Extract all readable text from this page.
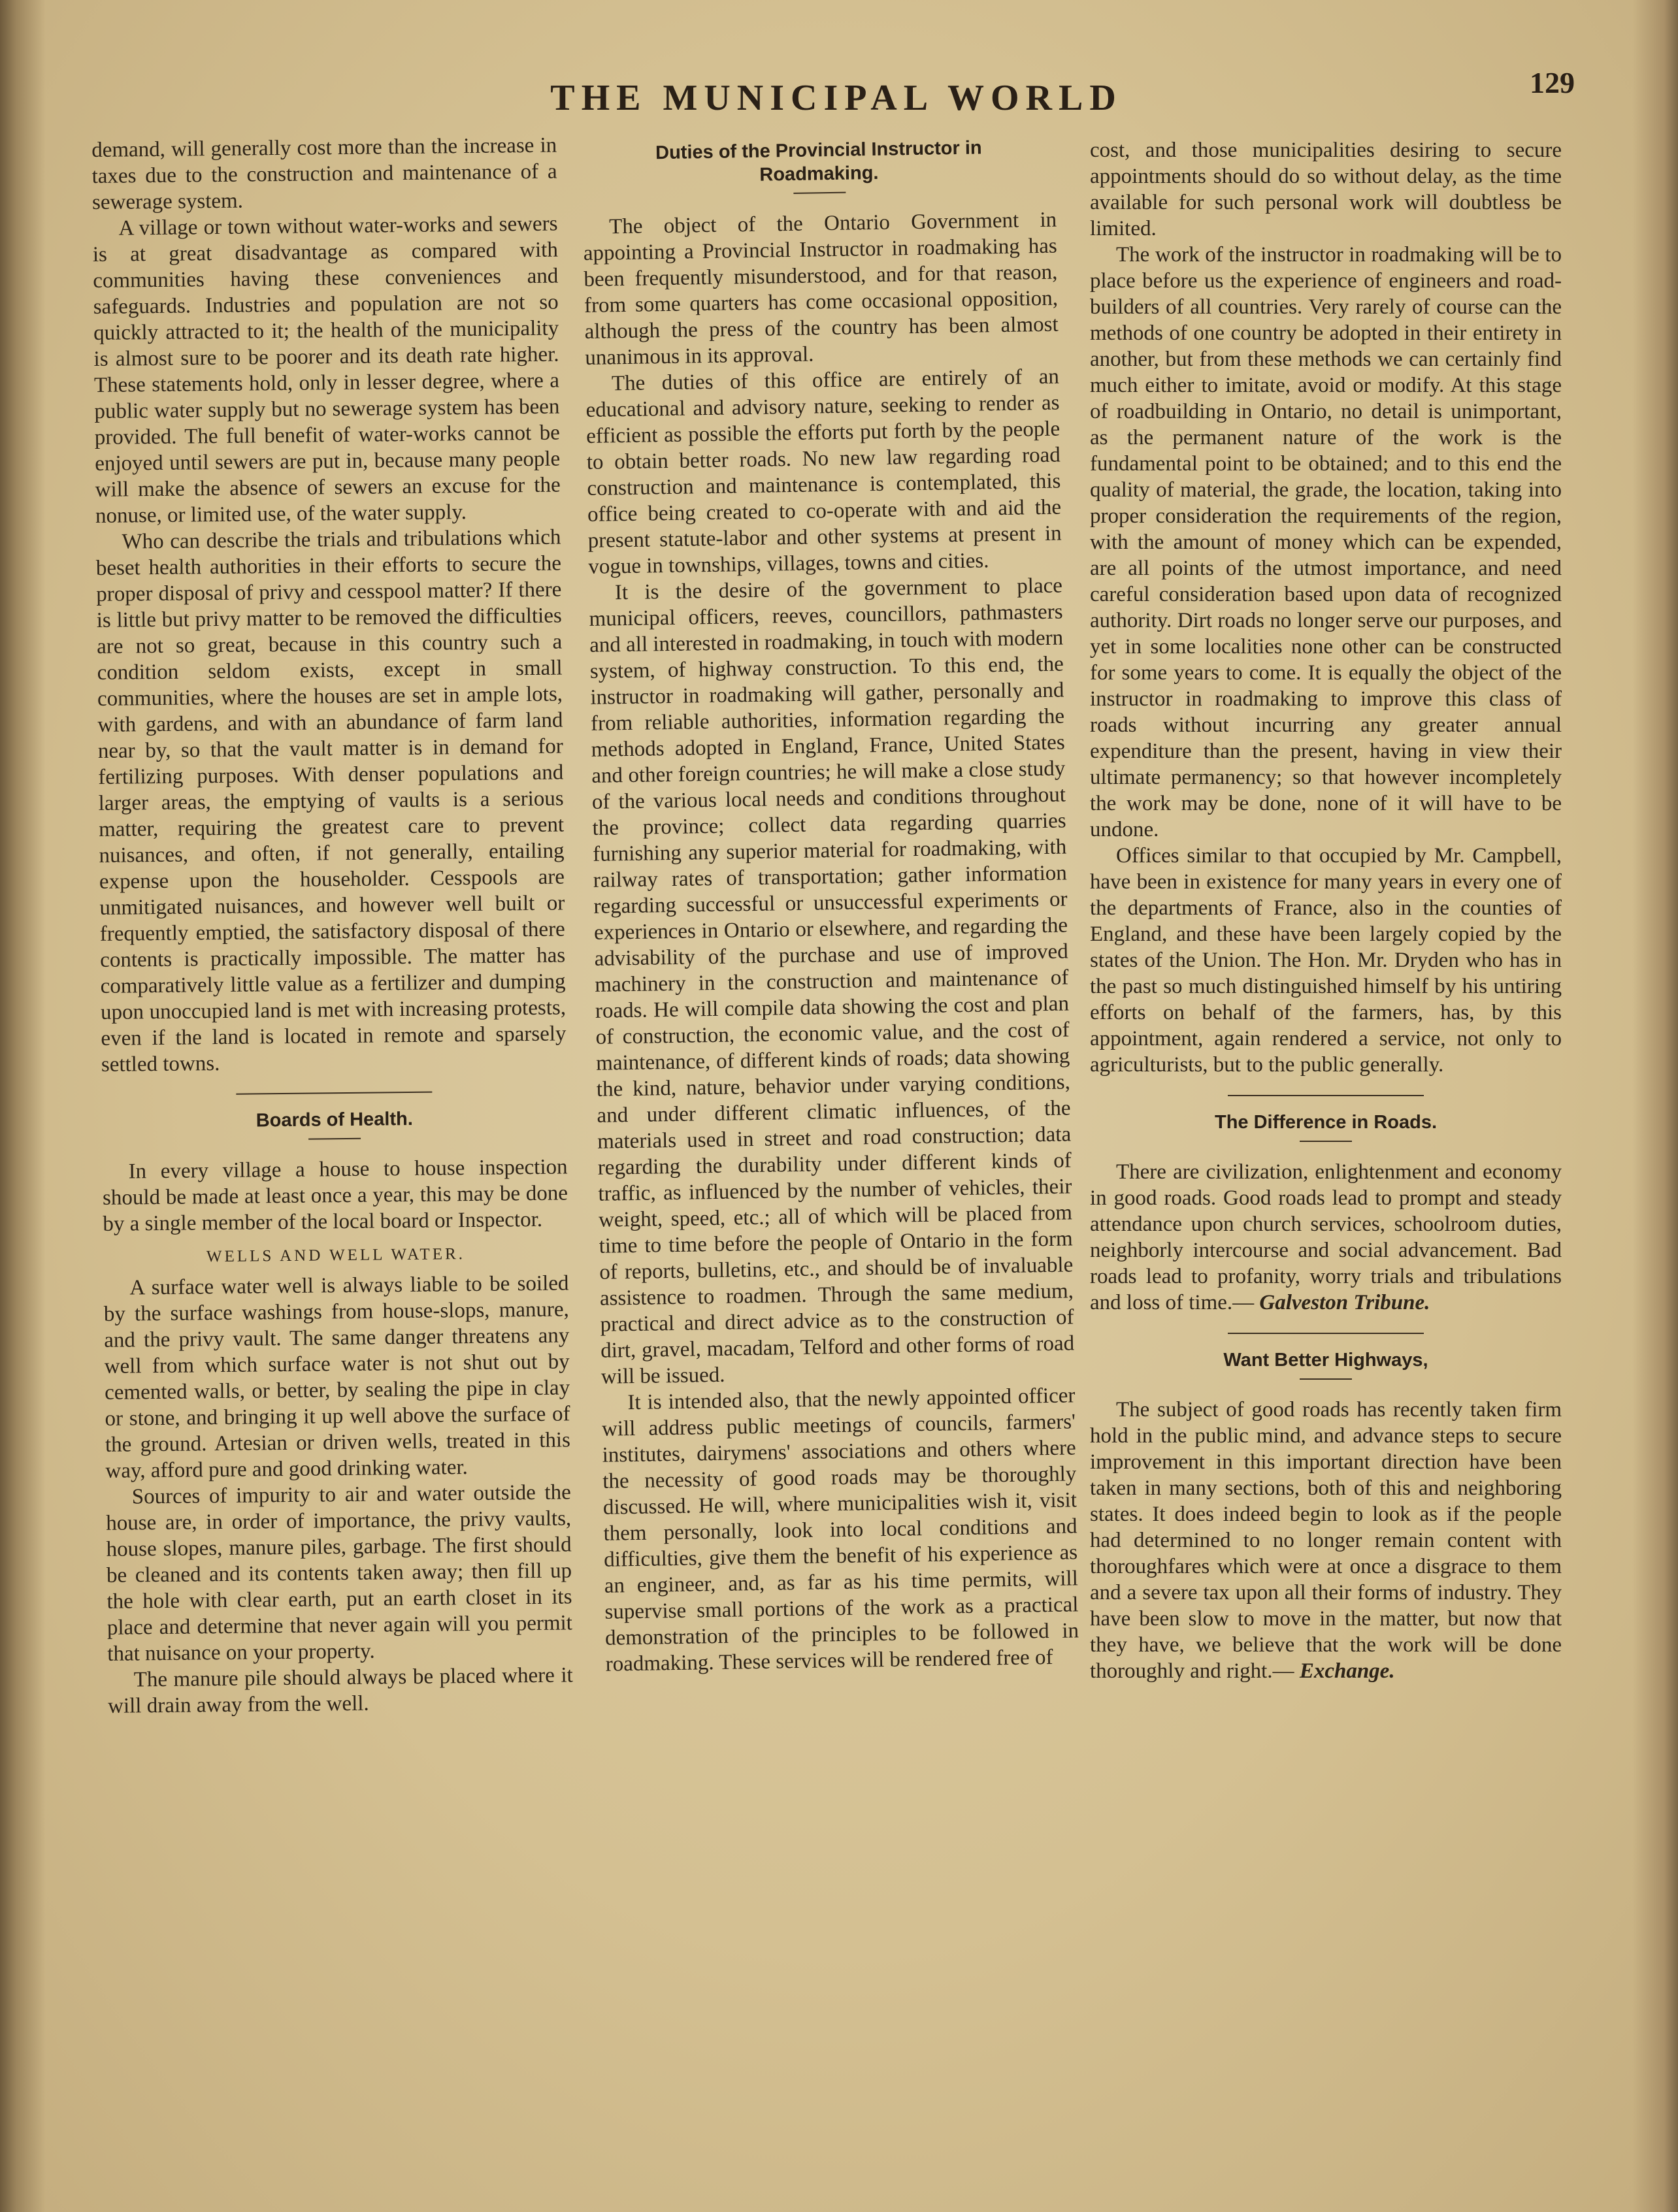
THE MUNICIPAL WORLD	129

demand, will generally cost more than the increase in taxes due to the construction and maintenance of a sewerage system.

A village or town without water-works and sewers is at great disadvantage as compared with communities having these conveniences and safeguards. Industries and population are not so quickly attracted to it; the health of the municipality is almost sure to be poorer and its death rate higher. These statements hold, only in lesser degree, where a public water supply but no sewerage system has been provided. The full benefit of water-works cannot be enjoyed until sewers are put in, because many people will make the absence of sewers an excuse for the nonuse, or limited use, of the water supply.

Who can describe the trials and tribulations which beset health authorities in their efforts to secure the proper disposal of privy and cesspool matter? If there is little but privy matter to be removed the difficulties are not so great, because in this country such a condition seldom exists, except in small communities, where the houses are set in ample lots, with gardens, and with an abundance of farm land near by, so that the vault matter is in demand for fertilizing purposes. With denser populations and larger areas, the emptying of vaults is a serious matter, requiring the greatest care to prevent nuisances, and often, if not generally, entailing expense upon the householder. Cesspools are unmitigated nuisances, and however well built or frequently emptied, the satisfactory disposal of there contents is practically impossible. The matter has comparatively little value as a fertilizer and dumping upon unoccupied land is met with increasing protests, even if the land is located in remote and sparsely settled towns.

Boards of Health.

In every village a house to house inspection should be made at least once a year, this may be done by a single member of the local board or Inspector.

WELLS AND WELL WATER.

A surface water well is always liable to be soiled by the surface washings from house-slops, manure, and the privy vault. The same danger threatens any well from which surface water is not shut out by cemented walls, or better, by sealing the pipe in clay or stone, and bringing it up well above the surface of the ground. Artesian or driven wells, treated in this way, afford pure and good drinking water.

Sources of impurity to air and water outside the house are, in order of importance, the privy vaults, house slopes, manure piles, garbage. The first should be cleaned and its contents taken away; then fill up the hole with clear earth, put an earth closet in its place and determine that never again will you permit that nuisance on your property.

The manure pile should always be placed where it will drain away from the well.

Duties of the Provincial Instructor in Roadmaking.

The object of the Ontario Government in appointing a Provincial Instructor in roadmaking has been frequently misunderstood, and for that reason, from some quarters has come occasional opposition, although the press of the country has been almost unanimous in its approval.

The duties of this office are entirely of an educational and advisory nature, seeking to render as efficient as possible the efforts put forth by the people to obtain better roads. No new law regarding road construction and maintenance is contemplated, this office being created to co-operate with and aid the present statute-labor and other systems at present in vogue in townships, villages, towns and cities.

It is the desire of the government to place municipal officers, reeves, councillors, pathmasters and all interested in roadmaking, in touch with modern system, of highway construction. To this end, the instructor in roadmaking will gather, personally and from reliable authorities, information regarding the methods adopted in England, France, United States and other foreign countries; he will make a close study of the various local needs and conditions throughout the province; collect data regarding quarries furnishing any superior material for roadmaking, with railway rates of transportation; gather information regarding successful or unsuccessful experiments or experiences in Ontario or elsewhere, and regarding the advisability of the purchase and use of improved machinery in the construction and maintenance of roads. He will compile data showing the cost and plan of construction, the economic value, and the cost of maintenance, of different kinds of roads; data showing the kind, nature, behavior under varying conditions, and under different climatic influences, of the materials used in street and road construction; data regarding the durability under different kinds of traffic, as influenced by the number of vehicles, their weight, speed, etc.; all of which will be placed from time to time before the people of Ontario in the form of reports, bulletins, etc., and should be of invaluable assistence to roadmen. Through the same medium, practical and direct advice as to the construction of dirt, gravel, macadam, Telford and other forms of road will be issued.

It is intended also, that the newly appointed officer will address public meetings of councils, farmers' institutes, dairymens' associations and others where the necessity of good roads may be thoroughly discussed. He will, where municipalities wish it, visit them personally, look into local conditions and difficulties, give them the benefit of his experience as an engineer, and, as far as his time permits, will supervise small portions of the work as a practical demonstration of the principles to be followed in roadmaking. These services will be rendered free of

cost, and those municipalities desiring to secure appointments should do so without delay, as the time available for such personal work will doubtless be limited.

The work of the instructor in roadmaking will be to place before us the experience of engineers and road-builders of all countries. Very rarely of course can the methods of one country be adopted in their entirety in another, but from these methods we can certainly find much either to imitate, avoid or modify. At this stage of roadbuilding in Ontario, no detail is unimportant, as the permanent nature of the work is the fundamental point to be obtained; and to this end the quality of material, the grade, the location, taking into proper consideration the requirements of the region, with the amount of money which can be expended, are all points of the utmost importance, and need careful consideration based upon data of recognized authority. Dirt roads no longer serve our purposes, and yet in some localities none other can be constructed for some years to come. It is equally the object of the instructor in roadmaking to improve this class of roads without incurring any greater annual expenditure than the present, having in view their ultimate permanency; so that however incompletely the work may be done, none of it will have to be undone.

Offices similar to that occupied by Mr. Campbell, have been in existence for many years in every one of the departments of France, also in the counties of England, and these have been largely copied by the states of the Union. The Hon. Mr. Dryden who has in the past so much distinguished himself by his untiring efforts on behalf of the farmers, has, by this appointment, again rendered a service, not only to agriculturists, but to the public generally.

The Difference in Roads.

There are civilization, enlightenment and economy in good roads. Good roads lead to prompt and steady attendance upon church services, schoolroom duties, neighborly intercourse and social advancement. Bad roads lead to profanity, worry trials and tribulations and loss of time.— Galveston Tribune.

Want Better Highways,

The subject of good roads has recently taken firm hold in the public mind, and advance steps to secure improvement in this important direction have been taken in many sections, both of this and neighboring states. It does indeed begin to look as if the people had determined to no longer remain content with thoroughfares which were at once a disgrace to them and a severe tax upon all their forms of industry. They have been slow to move in the matter, but now that they have, we believe that the work will be done thoroughly and right.— Exchange.
